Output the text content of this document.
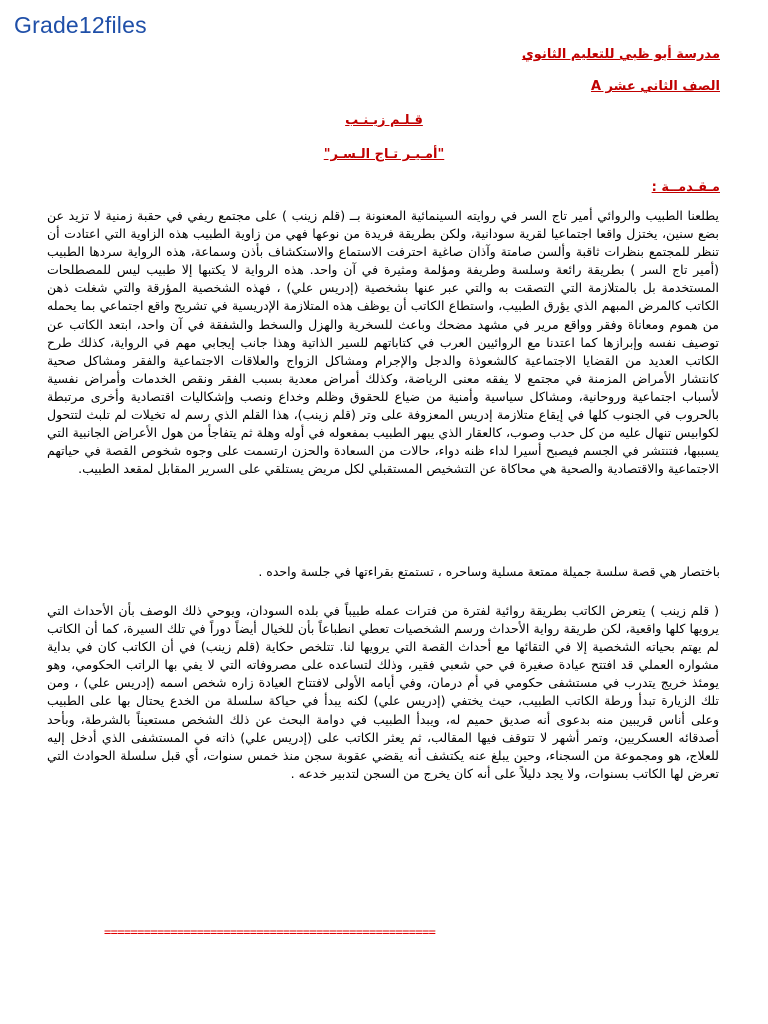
Grade12files
مدرسة أبو ظبي للتعليم الثانوي
الصف الثاني عشر A
قـلـم زيـنـب
"أمـيـر تـاج الـسـر"
مـقـدمــة :
يطلعنا الطبيب والروائي أمير تاج السر في روايته السينمائية المعنونة بــ (قلم زينب ) على مجتمع ريفي في حقبة زمنية لا تزيد عن بضع سنين، يختزل واقعا اجتماعيا لقرية سودانية، ولكن بطريقة فريدة من نوعها فهي من زاوية الطبيب هذه الزاوية التي اعتادت أن تنظر للمجتمع بنظرات ثاقبة وألسن صامتة وآذان صاغية احترفت الاستماع والاستكشاف بأذن وسماعة، هذه الرواية سردها الطبيب (أمير تاج السر ) بطريقة رائعة وسلسة وطريفة ومؤلمة ومثيرة في آن واحد. هذه الرواية لا يكتبها إلا طبيب ليس للمصطلحات المستخدمة بل بالمتلازمة التي التصقت به والتي عبر عنها بشخصية (إدريس علي) ، فهذه الشخصية المؤرقة والتي شغلت ذهن الكاتب كالمرض المبهم الذي يؤرق الطبيب، واستطاع الكاتب أن يوظف هذه المتلازمة الإدريسية في تشريح واقع اجتماعي بما يحمله من هموم ومعاناة وفقر وواقع مرير في مشهد مضحك وباعث للسخرية والهزل والسخط والشفقة في آن واحد، ابتعد الكاتب عن توصيف نفسه وإبرازها كما اعتدنا مع الروائيين العرب في كتاباتهم للسير الذاتية وهذا جانب إيجابي مهم في الرواية، كذلك طرح الكاتب العديد من القضايا الاجتماعية كالشعوذة والدجل والإجرام ومشاكل الزواج والعلاقات الاجتماعية والفقر ومشاكل صحية كانتشار الأمراض المزمنة في مجتمع لا يفقه معنى الرياضة، وكذلك أمراض معدية بسبب الفقر ونقص الخدمات وأمراض نفسية لأسباب اجتماعية وروحانية، ومشاكل سياسية وأمنية من ضياع للحقوق وظلم وخداع ونصب وإشكاليات اقتصادية وأخرى مرتبطة بالحروب في الجنوب كلها في إيقاع متلازمة إدريس المعزوفة على وتر (قلم زينب)، هذا القلم الذي رسم له تخيلات لم تلبث لتتحول لكوابيس تنهال عليه من كل حدب وصوب، كالعقار الذي يبهر الطبيب بمفعوله في أوله وهلة ثم يتفاجأ من هول الأعراض الجانبية التي يسببها، فتنتشر في الجسم فيصبح أسيرا لداء ظنه دواء، حالات من السعادة والحزن ارتسمت على وجوه شخوص القصة في حياتهم الاجتماعية والاقتصادية والصحية هي محاكاة عن التشخيص المستقبلي لكل مريض يستلقي على السرير المقابل لمقعد الطبيب.
باختصار هي قصة سلسة جميلة ممتعة مسلية وساحره ، تستمتع بقراءتها في جلسة واحده .
( قلم زينب ) يتعرض الكاتب بطريقة روائية لفترة من فترات عمله طبيباً في بلده السودان، ويوحي ذلك الوصف بأن الأحداث التي يرويها كلها واقعية، لكن طريقة رواية الأحداث ورسم الشخصيات تعطي انطباعاً بأن للخيال أيضاً دوراً في تلك السيرة، كما أن الكاتب لم يهتم بحياته الشخصية إلا في التقائها مع أحداث القصة التي يرويها لنا. تتلخص حكاية (قلم زينب) في أن الكاتب كان في بداية مشواره العملي قد افتتح عيادة صغيرة في حي شعبي فقير، وذلك لتساعده على مصروفاته التي لا يفي بها الراتب الحكومي، وهو يومئذ خريج يتدرب في مستشفى حكومي في أم درمان، وفي أيامه الأولى لافتتاح العيادة زاره شخص اسمه (إدريس علي) ، ومن تلك الزيارة تبدأ ورطة الكاتب الطبيب، حيث يختفي (إدريس علي) لكنه يبدأ في حياكة سلسلة من الخدع يحتال بها على الطبيب وعلى أناس قريبين منه بدعوى أنه صديق حميم له، ويبدأ الطبيب في دوامة البحث عن ذلك الشخص مستعيناً بالشرطة، وبأحد أصدقائه العسكريين، وتمر أشهر لا تتوقف فيها المقالب، ثم يعثر الكاتب على (إدريس علي) ذاته في المستشفى الذي أدخل إليه للعلاج، هو ومجموعة من السجناء، وحين يبلغ عنه يكتشف أنه يقضي عقوبة سجن منذ خمس سنوات، أي قبل سلسلة الحوادث التي تعرض لها الكاتب بسنوات، ولا يجد دليلاً على أنه كان يخرج من السجن لتدبير خدعه .
==================================================
